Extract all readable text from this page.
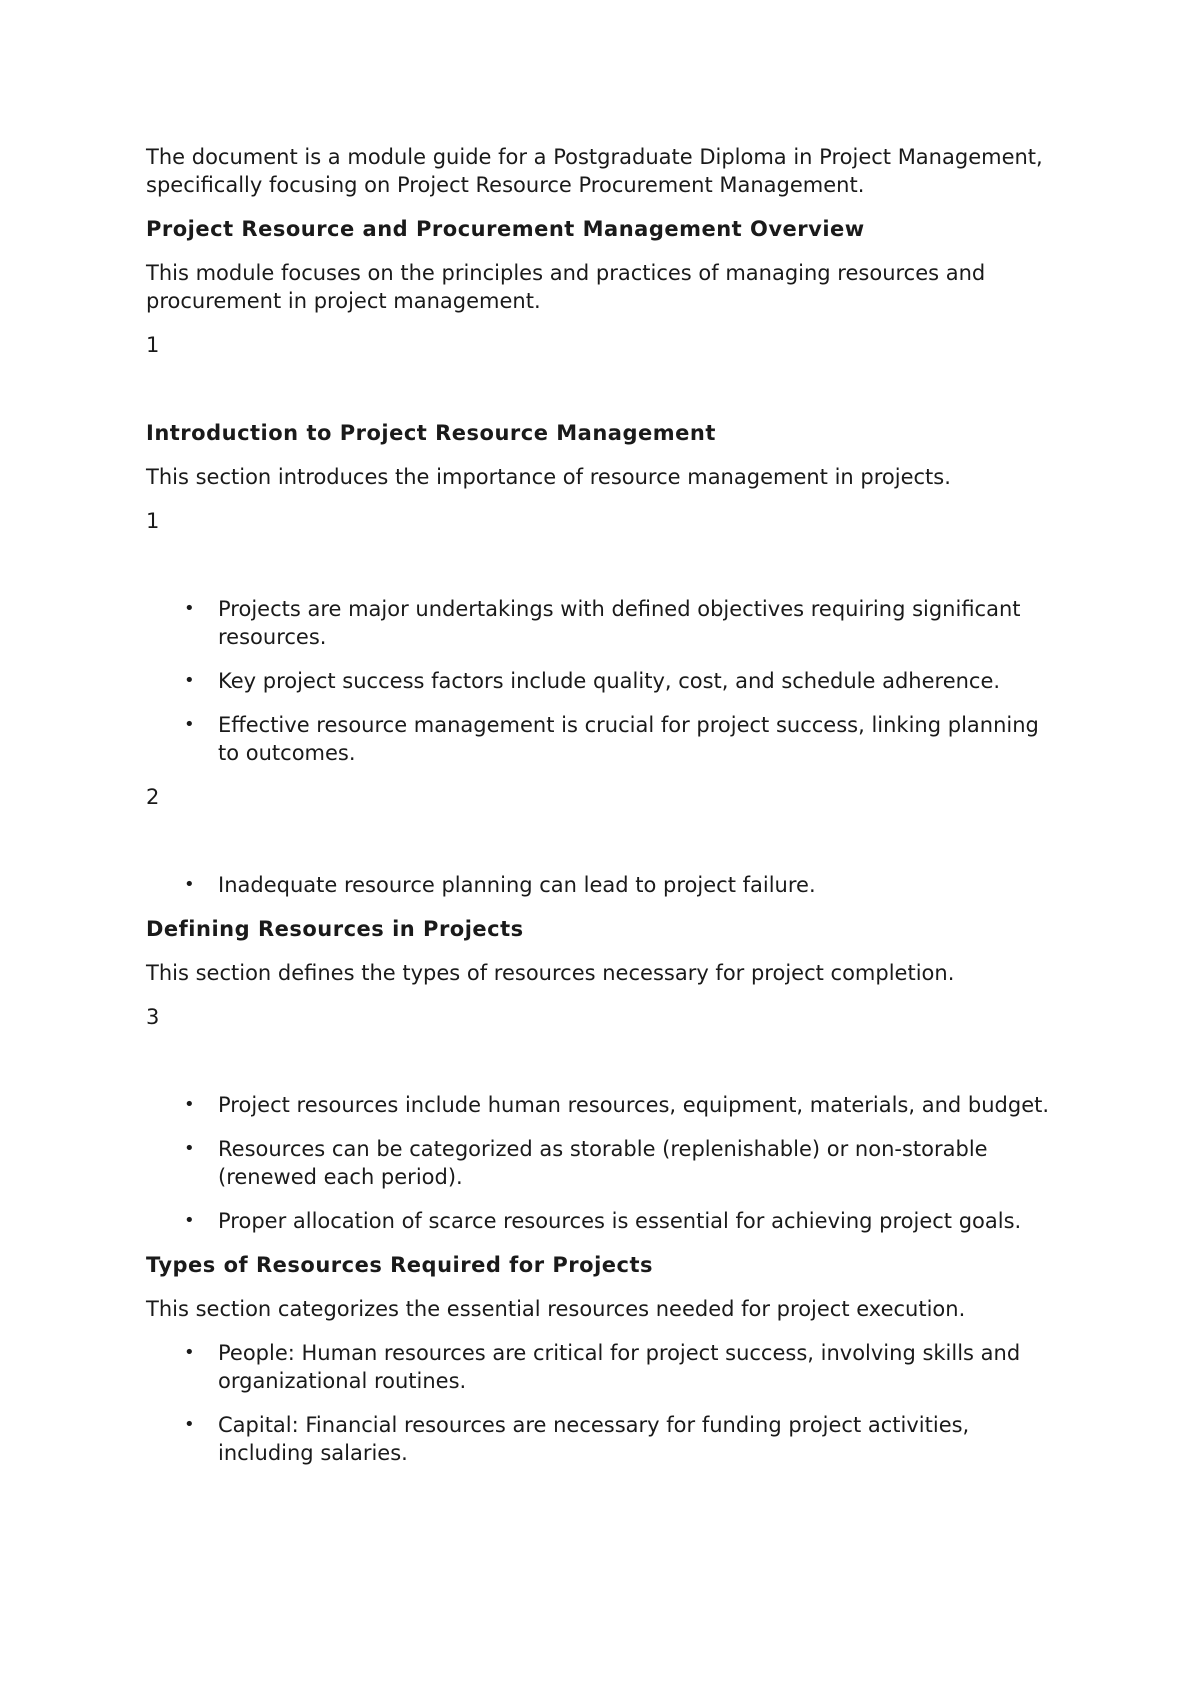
The document is a module guide for a Postgraduate Diploma in Project Management, specifically focusing on Project Resource Procurement Management.

Project Resource and Procurement Management Overview

This module focuses on the principles and practices of managing resources and procurement in project management.

1
Introduction to Project Resource Management

This section introduces the importance of resource management in projects.

1
• Projects are major undertakings with defined objectives requiring significant resources.
• Key project success factors include quality, cost, and schedule adherence.
• Effective resource management is crucial for project success, linking planning to outcomes.
2
• Inadequate resource planning can lead to project failure.
Defining Resources in Projects

This section defines the types of resources necessary for project completion.

3
• Project resources include human resources, equipment, materials, and budget.
• Resources can be categorized as storable (replenishable) or non-storable (renewed each period).
• Proper allocation of scarce resources is essential for achieving project goals.
Types of Resources Required for Projects

This section categorizes the essential resources needed for project execution.

• People: Human resources are critical for project success, involving skills and organizational routines.
• Capital: Financial resources are necessary for funding project activities, including salaries.
